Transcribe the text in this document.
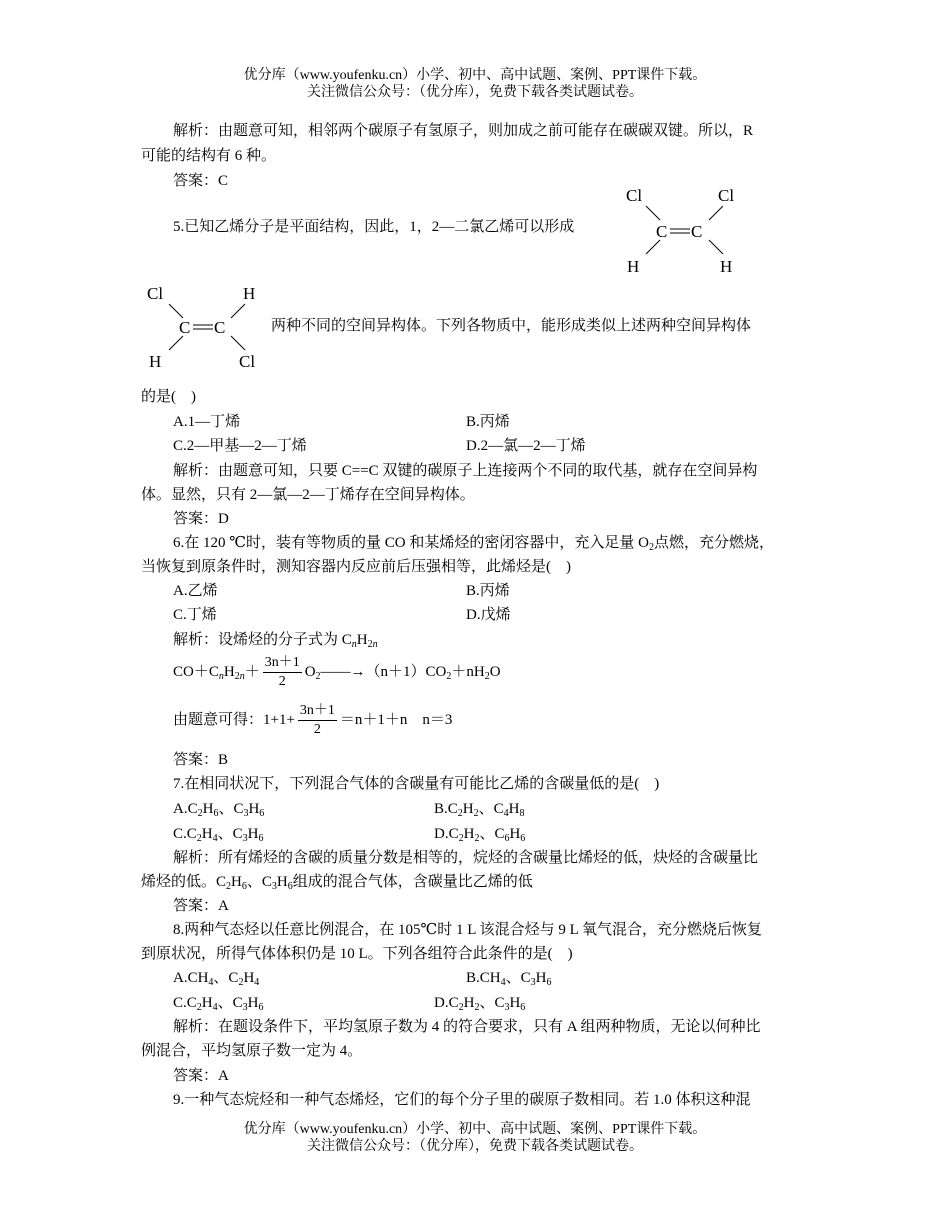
优分库（www.youfenku.cn）小学、初中、高中试题、案例、PPT课件下载。
关注微信公众号：（优分库），免费下载各类试题试卷。
解析：由题意可知，相邻两个碳原子有氢原子，则加成之前可能存在碳碳双键。所以，R
可能的结构有 6 种。
答案：C
5.已知乙烯分子是平面结构，因此，1，2—二氯乙烯可以形成
Cl	Cl
C C
H	H
Cl	H
C C
H	Cl
两种不同的空间异构体。下列各物质中，能形成类似上述两种空间异构体
的是(　)
A.1—丁烯	B.丙烯
C.2—甲基—2—丁烯	D.2—氯—2—丁烯
解析：由题意可知，只要 C==C 双键的碳原子上连接两个不同的取代基，就存在空间异构
体。显然，只有 2—氯—2—丁烯存在空间异构体。
答案：D
6.在 120 ℃时，装有等物质的量 CO 和某烯烃的密闭容器中，充入足量 $O_2$点燃，充分燃烧，
当恢复到原条件时，测知容器内反应前后压强相等，此烯烃是(　)
A.乙烯	B.丙烯
C.丁烯	D.戊烯
解析：设烯烃的分子式为 $C_nH_{2n}$
$CO+C_nH_{2n}+ \frac{3n+1}{2}$ $O_2——\to(n+1)CO_2+nH_2O$
由题意可得：$1+1+ \frac{3n+1}{2} =n+1+n$　n＝3
答案：B
7.在相同状况下，下列混合气体的含碳量有可能比乙烯的含碳量低的是(　)
$A.C_2H_6$、$C_3H_6$	$B.C_2H_2$、$C_4H_8$
$C.C_2H_4$、$C_3H_6$	$D.C_2H_2$、$C_6H_6$
解析：所有烯烃的含碳的质量分数是相等的，烷烃的含碳量比烯烃的低，炔烃的含碳量比
烯烃的低。$C_2H_6$、$C_3H_6$组成的混合气体，含碳量比乙烯的低
答案：A
8.两种气态烃以任意比例混合，在 105℃时 1 L 该混合烃与 9 L 氧气混合，充分燃烧后恢复
到原状况，所得气体体积仍是 10 L。下列各组符合此条件的是(　)
$A.CH_4$、$C_2H_4$	$B.CH_4$、$C_3H_6$
$C.C_2H_4$、$C_3H_6$	$D.C_2H_2$、$C_3H_6$
解析：在题设条件下，平均氢原子数为 4 的符合要求，只有 A 组两种物质，无论以何种比
例混合，平均氢原子数一定为 4。
答案：A
9.一种气态烷烃和一种气态烯烃，它们的每个分子里的碳原子数相同。若 1.0 体积这种混
优分库（www.youfenku.cn）小学、初中、高中试题、案例、PPT课件下载。
关注微信公众号：（优分库），免费下载各类试题试卷。
